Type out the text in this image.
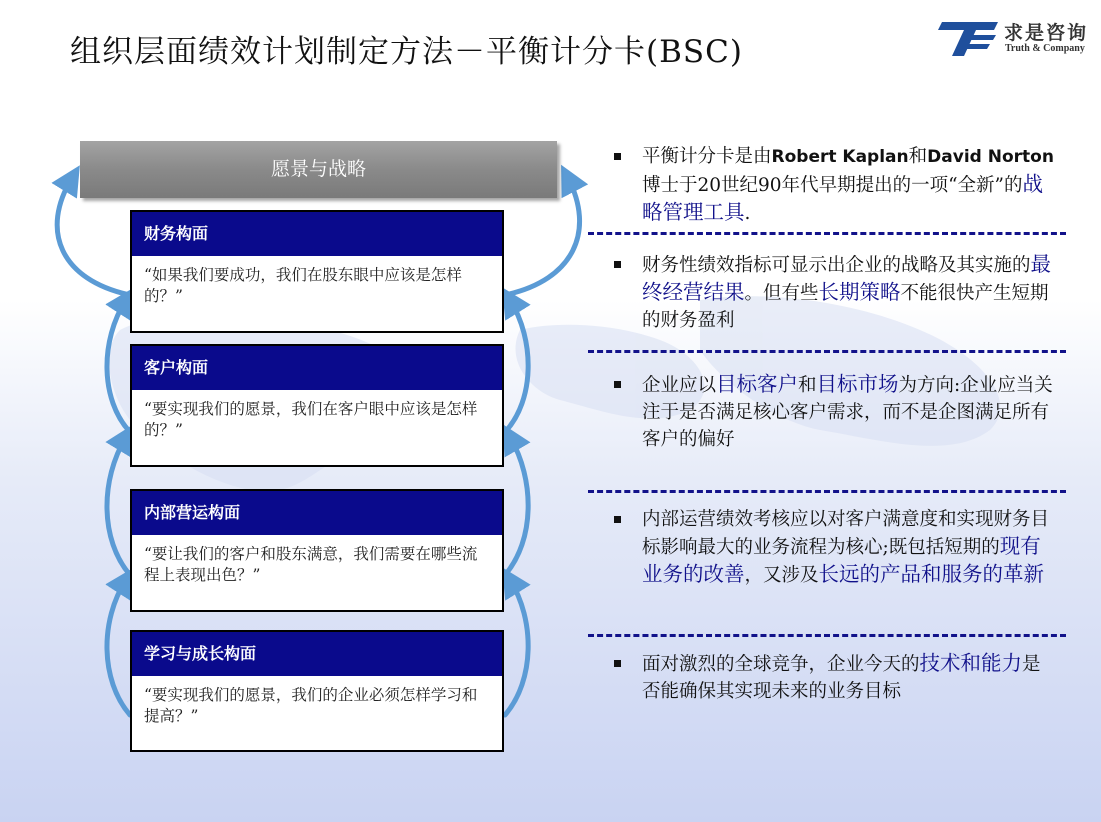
组织层面绩效计划制定方法－平衡计分卡(BSC)
求是咨询
Truth & Company
愿景与战略
财务构面
“如果我们要成功，我们在股东眼中应该是怎样的？”
客户构面
“要实现我们的愿景，我们在客户眼中应该是怎样的？”
内部营运构面
“要让我们的客户和股东满意，我们需要在哪些流程上表现出色？”
学习与成长构面
“要实现我们的愿景，我们的企业必须怎样学习和提高？”
平衡计分卡是由Robert Kaplan和David Norton博士于20世纪90年代早期提出的一项“全新”的战略管理工具.
财务性绩效指标可显示出企业的战略及其实施的最终经营结果。但有些长期策略不能很快产生短期的财务盈利
企业应以目标客户和目标市场为方向:企业应当关注于是否满足核心客户需求，而不是企图满足所有客户的偏好
内部运营绩效考核应以对客户满意度和实现财务目标影响最大的业务流程为核心;既包括短期的现有业务的改善，又涉及长远的产品和服务的革新
面对激烈的全球竞争，企业今天的技术和能力是否能确保其实现未来的业务目标
